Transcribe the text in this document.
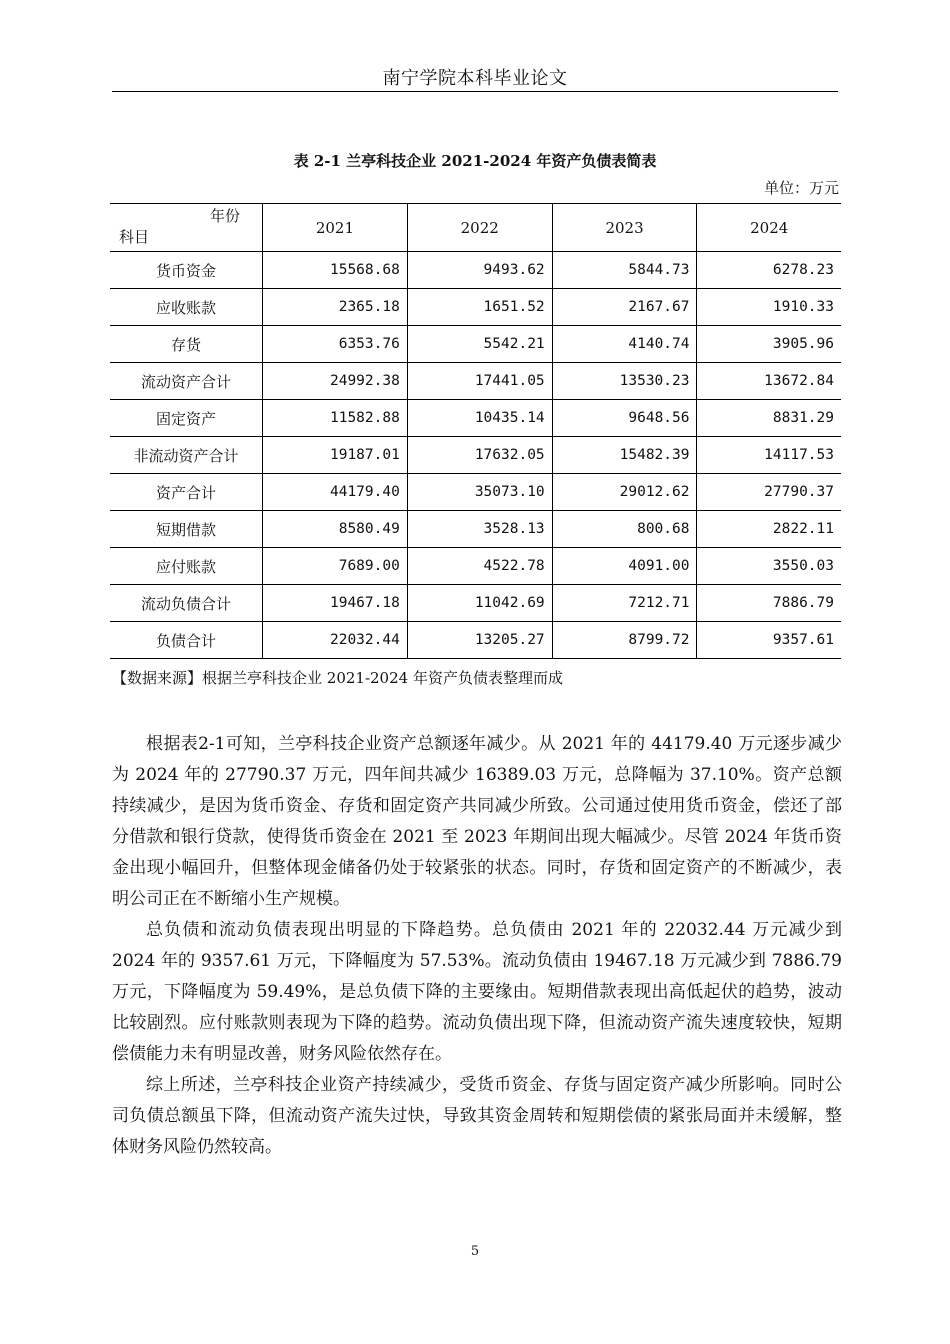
南宁学院本科毕业论文
表 2-1 兰亭科技企业 2021-2024 年资产负债表简表
单位：万元
年份
科目	2021	2022	2023	2024
货币资金	15568.68	9493.62	5844.73	6278.23
应收账款	2365.18	1651.52	2167.67	1910.33
存货	6353.76	5542.21	4140.74	3905.96
流动资产合计	24992.38	17441.05	13530.23	13672.84
固定资产	11582.88	10435.14	9648.56	8831.29
非流动资产合计	19187.01	17632.05	15482.39	14117.53
资产合计	44179.40	35073.10	29012.62	27790.37
短期借款	8580.49	3528.13	800.68	2822.11
应付账款	7689.00	4522.78	4091.00	3550.03
流动负债合计	19467.18	11042.69	7212.71	7886.79
负债合计	22032.44	13205.27	8799.72	9357.61
【数据来源】根据兰亭科技企业 2021-2024 年资产负债表整理而成

根据表2-1可知，兰亭科技企业资产总额逐年减少。从 2021 年的 44179.40 万元逐步减少为 2024 年的 27790.37 万元，四年间共减少 16389.03 万元，总降幅为 37.10%。资产总额持续减少，是因为货币资金、存货和固定资产共同减少所致。公司通过使用货币资金，偿还了部分借款和银行贷款，使得货币资金在 2021 至 2023 年期间出现大幅减少。尽管 2024 年货币资金出现小幅回升，但整体现金储备仍处于较紧张的状态。同时，存货和固定资产的不断减少，表明公司正在不断缩小生产规模。

总负债和流动负债表现出明显的下降趋势。总负债由 2021 年的 22032.44 万元减少到 2024 年的 9357.61 万元，下降幅度为 57.53%。流动负债由 19467.18 万元减少到 7886.79 万元，下降幅度为 59.49%，是总负债下降的主要缘由。短期借款表现出高低起伏的趋势，波动比较剧烈。应付账款则表现为下降的趋势。流动负债出现下降，但流动资产流失速度较快，短期偿债能力未有明显改善，财务风险依然存在。

综上所述，兰亭科技企业资产持续减少，受货币资金、存货与固定资产减少所影响。同时公司负债总额虽下降，但流动资产流失过快，导致其资金周转和短期偿债的紧张局面并未缓解，整体财务风险仍然较高。

5
